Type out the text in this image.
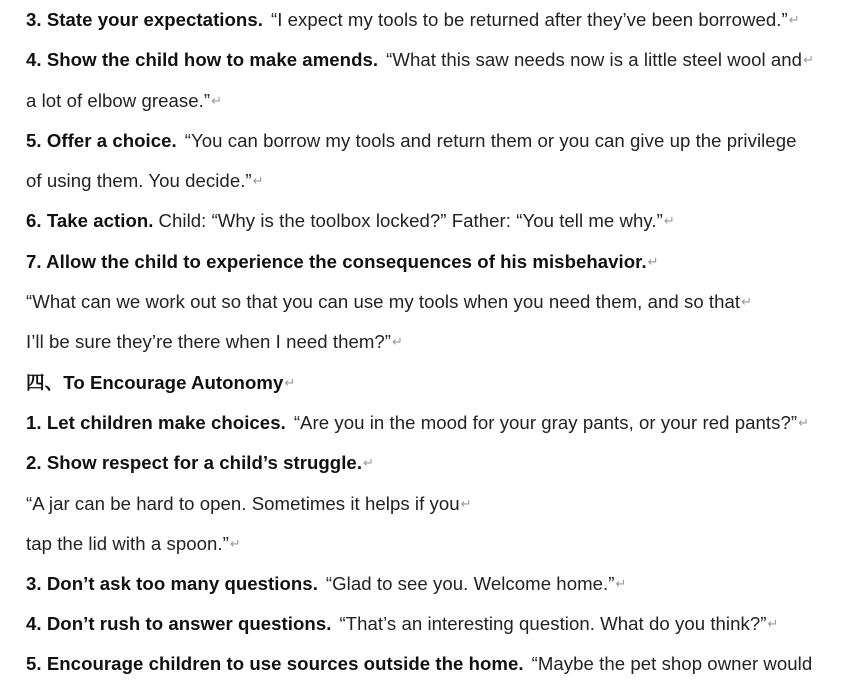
3. State your expectations. “I expect my tools to be returned after they’ve been borrowed.”↵
4. Show the child how to make amends. “What this saw needs now is a little steel wool and↵
a lot of elbow grease.”↵
5. Offer a choice. “You can borrow my tools and return them or you can give up the privilege
of using them. You decide.”↵
6. Take action. Child: “Why is the toolbox locked?” Father: “You tell me why.”↵
7. Allow the child to experience the consequences of his misbehavior.↵
“What can we work out so that you can use my tools when you need them, and so that↵
I’ll be sure they’re there when I need them?”↵
四、To Encourage Autonomy↵
1. Let children make choices. “Are you in the mood for your gray pants, or your red pants?”↵
2. Show respect for a child’s struggle.↵
“A jar can be hard to open. Sometimes it helps if you↵
tap the lid with a spoon.”↵
3. Don’t ask too many questions. “Glad to see you. Welcome home.”↵
4. Don’t rush to answer questions. “That’s an interesting question. What do you think?”↵
5. Encourage children to use sources outside the home. “Maybe the pet shop owner would
